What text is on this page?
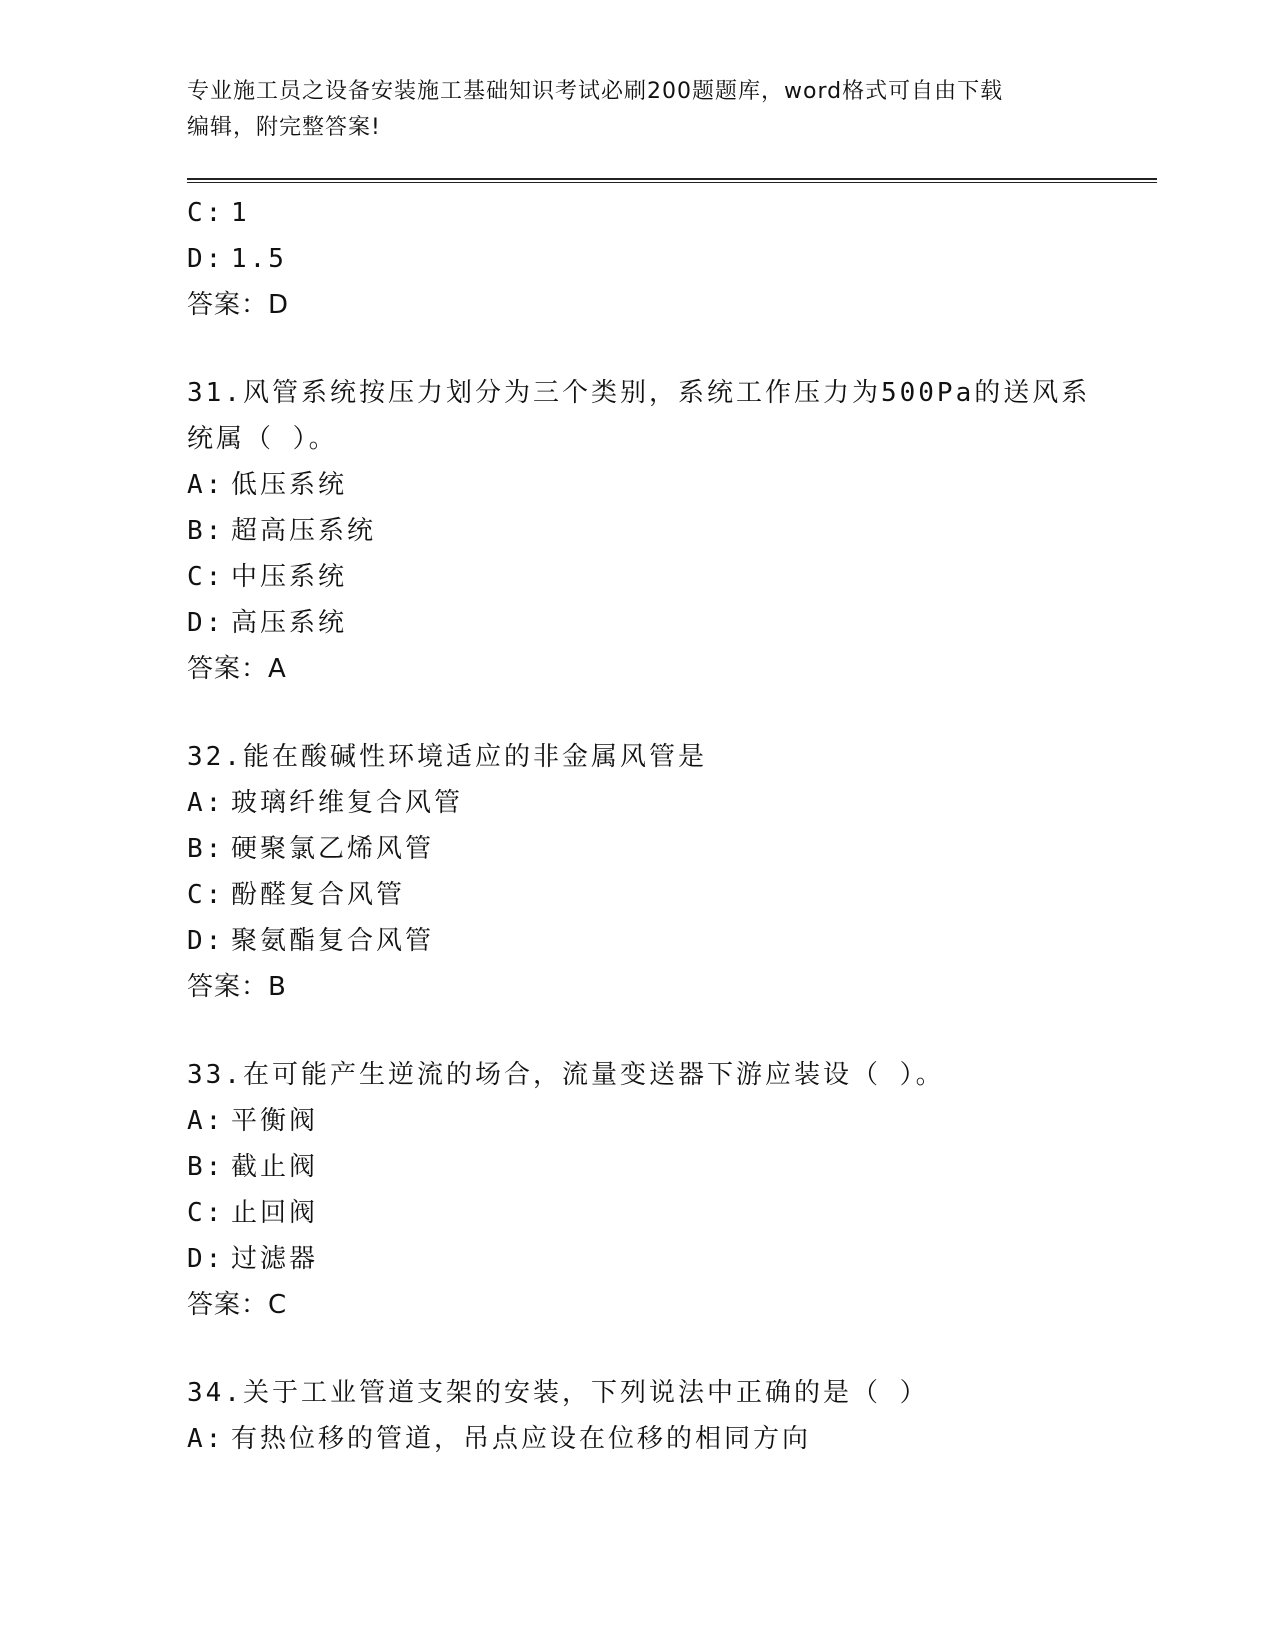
专业施工员之设备安装施工基础知识考试必刷200题题库，word格式可自由下载
编辑，附完整答案!
C: 1
D: 1.5
答案：D
31.风管系统按压力划分为三个类别，系统工作压力为500Pa的送风系
统属（ ）。
A: 低压系统
B: 超高压系统
C: 中压系统
D: 高压系统
答案：A
32.能在酸碱性环境适应的非金属风管是
A: 玻璃纤维复合风管
B: 硬聚氯乙烯风管
C: 酚醛复合风管
D: 聚氨酯复合风管
答案：B
33.在可能产生逆流的场合，流量变送器下游应装设（ ）。
A: 平衡阀
B: 截止阀
C: 止回阀
D: 过滤器
答案：C
34.关于工业管道支架的安装，下列说法中正确的是（ ）
A: 有热位移的管道，吊点应设在位移的相同方向
